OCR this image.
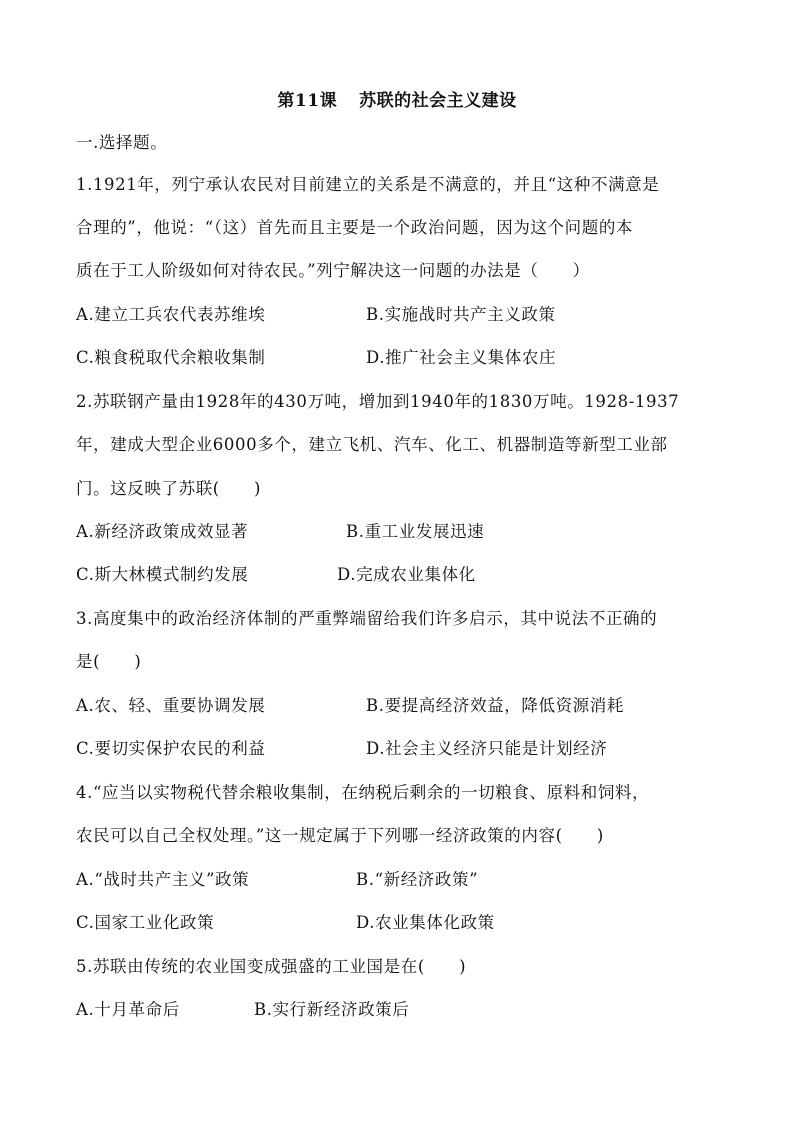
第11课 苏联的社会主义建设
一.选择题。
1.1921年，列宁承认农民对目前建立的关系是不满意的，并且“这种不满意是
合理的”，他说：“（这）首先而且主要是一个政治问题，因为这个问题的本
质在于工人阶级如何对待农民。”列宁解决这一问题的办法是（　　）
A.建立工兵农代表苏维埃	B.实施战时共产主义政策
C.粮食税取代余粮收集制	D.推广社会主义集体农庄
2.苏联钢产量由1928年的430万吨，增加到1940年的1830万吨。1928-1937
年，建成大型企业6000多个，建立飞机、汽车、化工、机器制造等新型工业部
门。这反映了苏联(　　)
A.新经济政策成效显著	B.重工业发展迅速
C.斯大林模式制约发展	D.完成农业集体化
3.高度集中的政治经济体制的严重弊端留给我们许多启示，其中说法不正确的
是(　　)
A.农、轻、重要协调发展	B.要提高经济效益，降低资源消耗
C.要切实保护农民的利益	D.社会主义经济只能是计划经济
4.“应当以实物税代替余粮收集制，在纳税后剩余的一切粮食、原料和饲料，
农民可以自己全权处理。”这一规定属于下列哪一经济政策的内容(　　)
A.“战时共产主义”政策	B.“新经济政策”
C.国家工业化政策	D.农业集体化政策
5.苏联由传统的农业国变成强盛的工业国是在(　　)
A.十月革命后	B.实行新经济政策后
